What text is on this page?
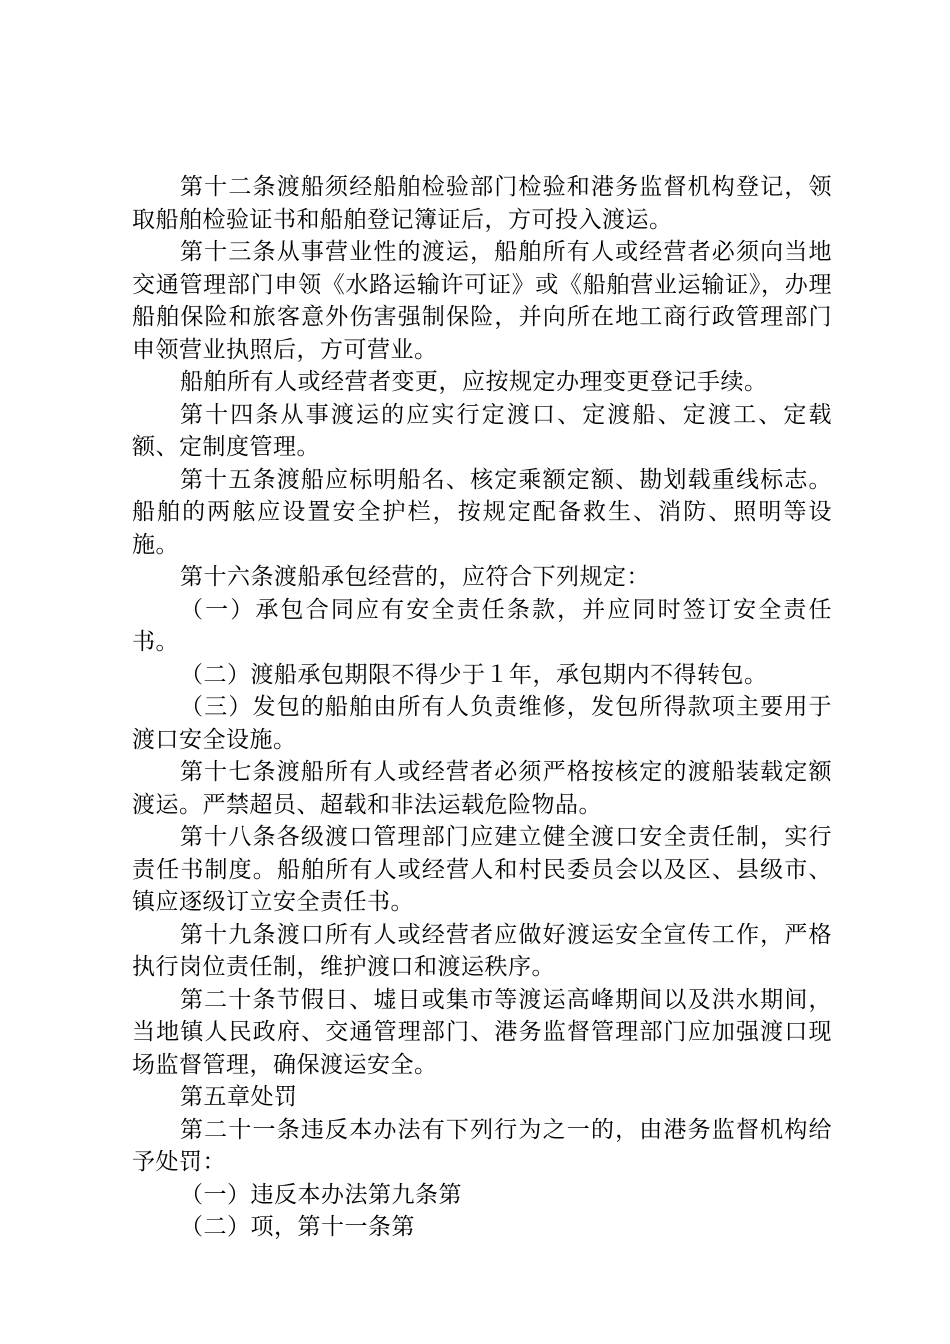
第十二条渡船须经船舶检验部门检验和港务监督机构登记，领取船舶检验证书和船舶登记簿证后，方可投入渡运。

第十三条从事营业性的渡运，船舶所有人或经营者必须向当地交通管理部门申领《水路运输许可证》或《船舶营业运输证》，办理船舶保险和旅客意外伤害强制保险，并向所在地工商行政管理部门申领营业执照后，方可营业。

船舶所有人或经营者变更，应按规定办理变更登记手续。

第十四条从事渡运的应实行定渡口、定渡船、定渡工、定载额、定制度管理。

第十五条渡船应标明船名、核定乘额定额、勘划载重线标志。船舶的两舷应设置安全护栏，按规定配备救生、消防、照明等设施。

第十六条渡船承包经营的，应符合下列规定：

（一）承包合同应有安全责任条款，并应同时签订安全责任书。

（二）渡船承包期限不得少于１年，承包期内不得转包。

（三）发包的船舶由所有人负责维修，发包所得款项主要用于渡口安全设施。

第十七条渡船所有人或经营者必须严格按核定的渡船装载定额渡运。严禁超员、超载和非法运载危险物品。

第十八条各级渡口管理部门应建立健全渡口安全责任制，实行责任书制度。船舶所有人或经营人和村民委员会以及区、县级市、镇应逐级订立安全责任书。

第十九条渡口所有人或经营者应做好渡运安全宣传工作，严格执行岗位责任制，维护渡口和渡运秩序。

第二十条节假日、墟日或集市等渡运高峰期间以及洪水期间，当地镇人民政府、交通管理部门、港务监督管理部门应加强渡口现场监督管理，确保渡运安全。

第五章处罚

第二十一条违反本办法有下列行为之一的，由港务监督机构给予处罚：

（一）违反本办法第九条第

（二）项，第十一条第
